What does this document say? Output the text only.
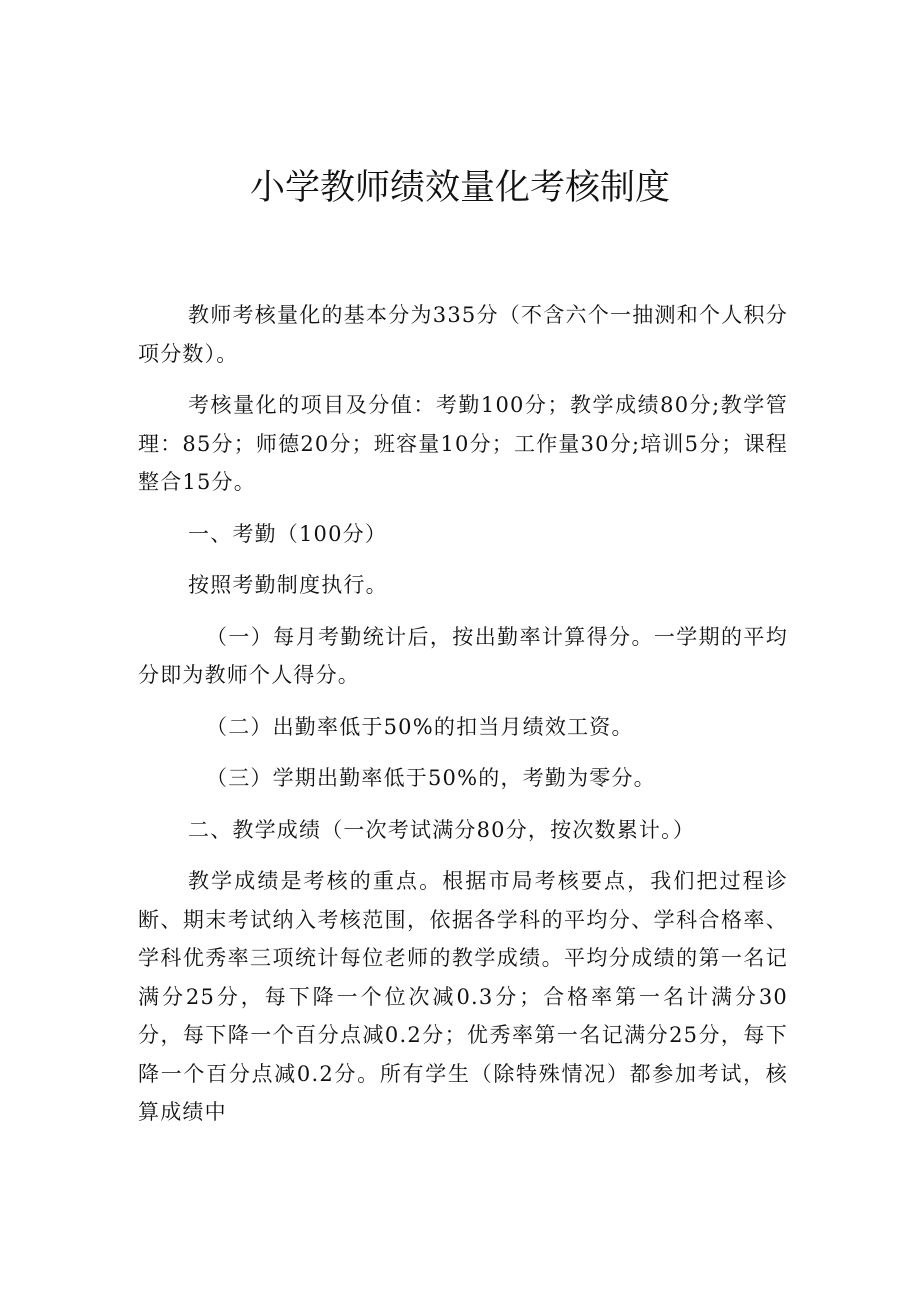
小学教师绩效量化考核制度

教师考核量化的基本分为335分（不含六个一抽测和个人积分项分数）。

考核量化的项目及分值：考勤100分；教学成绩80分;教学管理：85分；师德20分；班容量10分；工作量30分;培训5分；课程整合15分。

一、考勤（100分）

按照考勤制度执行。

（一）每月考勤统计后，按出勤率计算得分。一学期的平均分即为教师个人得分。

（二）出勤率低于50%的扣当月绩效工资。

（三）学期出勤率低于50%的，考勤为零分。

二、教学成绩（一次考试满分80分，按次数累计。）

教学成绩是考核的重点。根据市局考核要点，我们把过程诊断、期末考试纳入考核范围，依据各学科的平均分、学科合格率、学科优秀率三项统计每位老师的教学成绩。平均分成绩的第一名记满分25分，每下降一个位次减0.3分；合格率第一名计满分30分，每下降一个百分点减0.2分；优秀率第一名记满分25分，每下降一个百分点减0.2分。所有学生（除特殊情况）都参加考试，核算成绩中
